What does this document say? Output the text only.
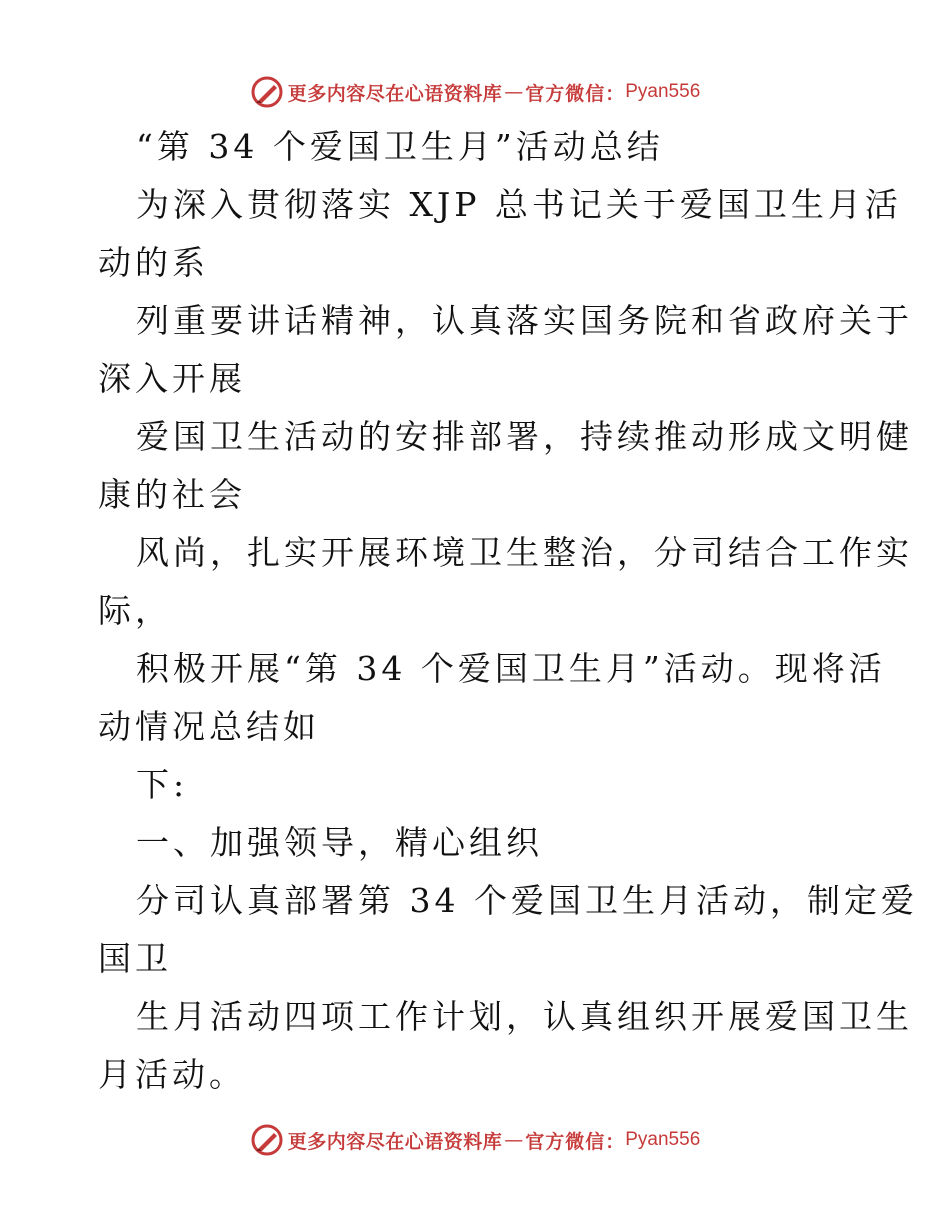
更多内容尽在心语资料库 — 官方微信： Pyan556
“第 34 个爱国卫生月”活动总结
为深入贯彻落实 XJP 总书记关于爱国卫生月活
动的系
列重要讲话精神，认真落实国务院和省政府关于
深入开展
爱国卫生活动的安排部署，持续推动形成文明健
康的社会
风尚，扎实开展环境卫生整治，分司结合工作实
际，
积极开展“第 34 个爱国卫生月”活动。现将活
动情况总结如
下:
一、加强领导，精心组织
分司认真部署第 34 个爱国卫生月活动，制定爱
国卫
生月活动四项工作计划，认真组织开展爱国卫生
月活动。
更多内容尽在心语资料库 — 官方微信： Pyan556
